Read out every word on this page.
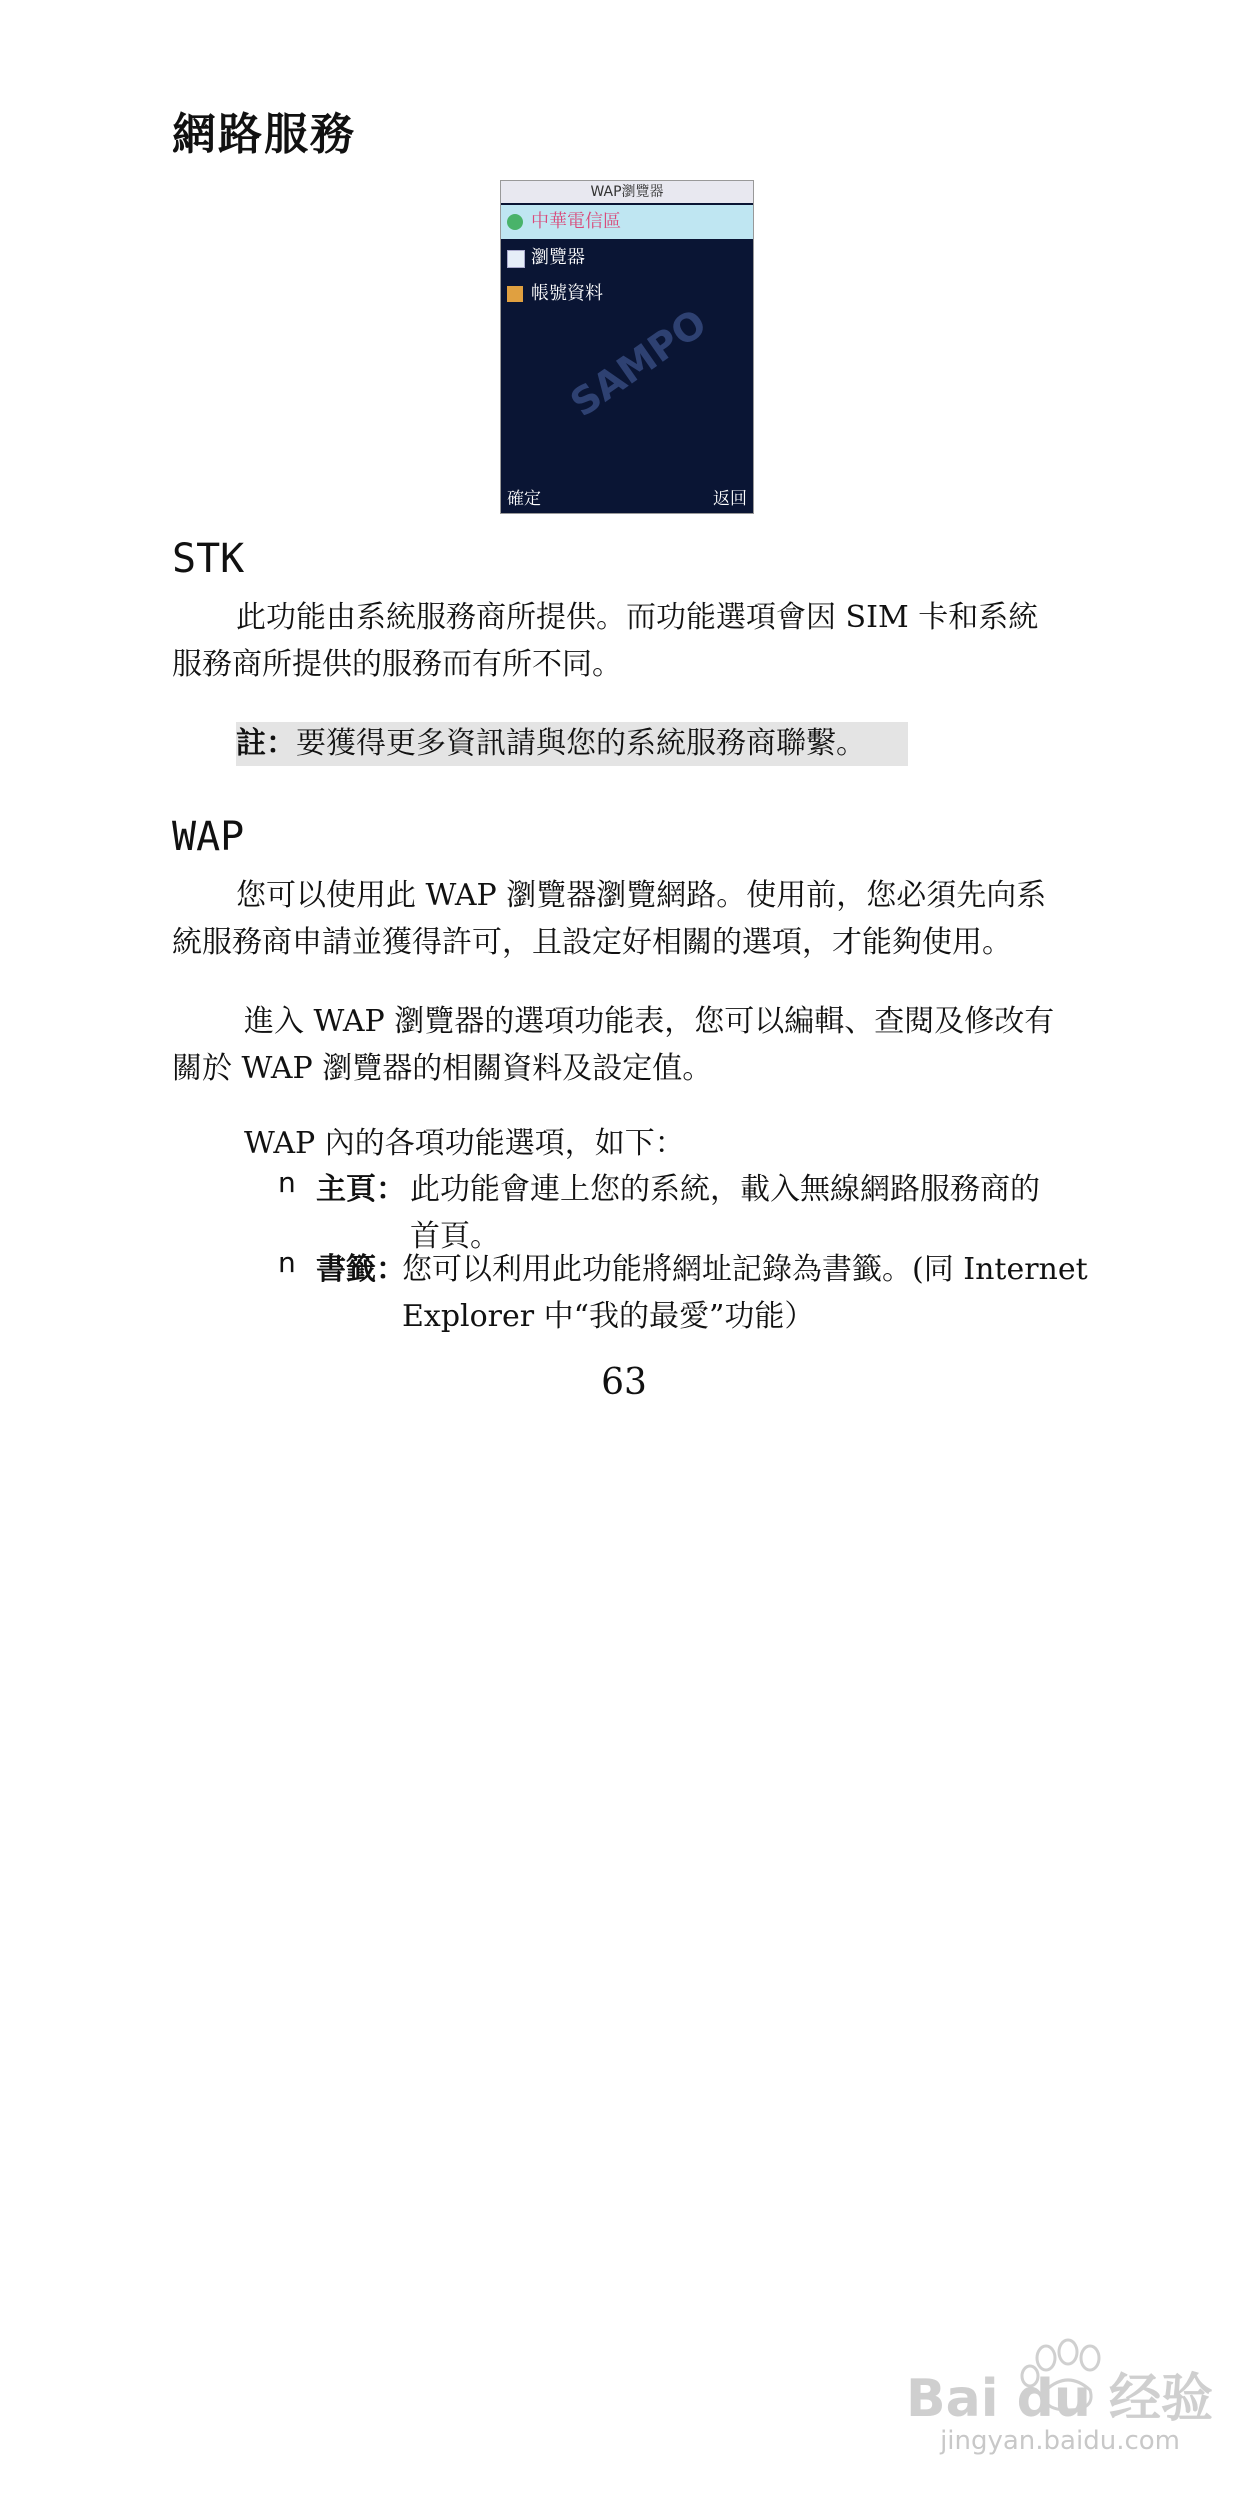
網路服務
WAP瀏覽器
中華電信區
瀏覽器
帳號資料
SAMPO
確定	返回
STK
此功能由系統服務商所提供。而功能選項會因 SIM 卡和系統
服務商所提供的服務而有所不同。
註：要獲得更多資訊請與您的系統服務商聯繫。
WAP
您可以使用此 WAP 瀏覽器瀏覽網路。使用前，您必須先向系
統服務商申請並獲得許可，且設定好相關的選項，才能夠使用。
進入 WAP 瀏覽器的選項功能表，您可以編輯、查閱及修改有
關於 WAP 瀏覽器的相關資料及設定值。
WAP 內的各項功能選項，如下：
n 主頁： 此功能會連上您的系統，載入無線網路服務商的
首頁。
n 書籤：
您可以利用此功能將網址記錄為書籤。(同 Internet
Explorer 中“我的最愛”功能）
63
Bai du 经验
jingyan.baidu.com
